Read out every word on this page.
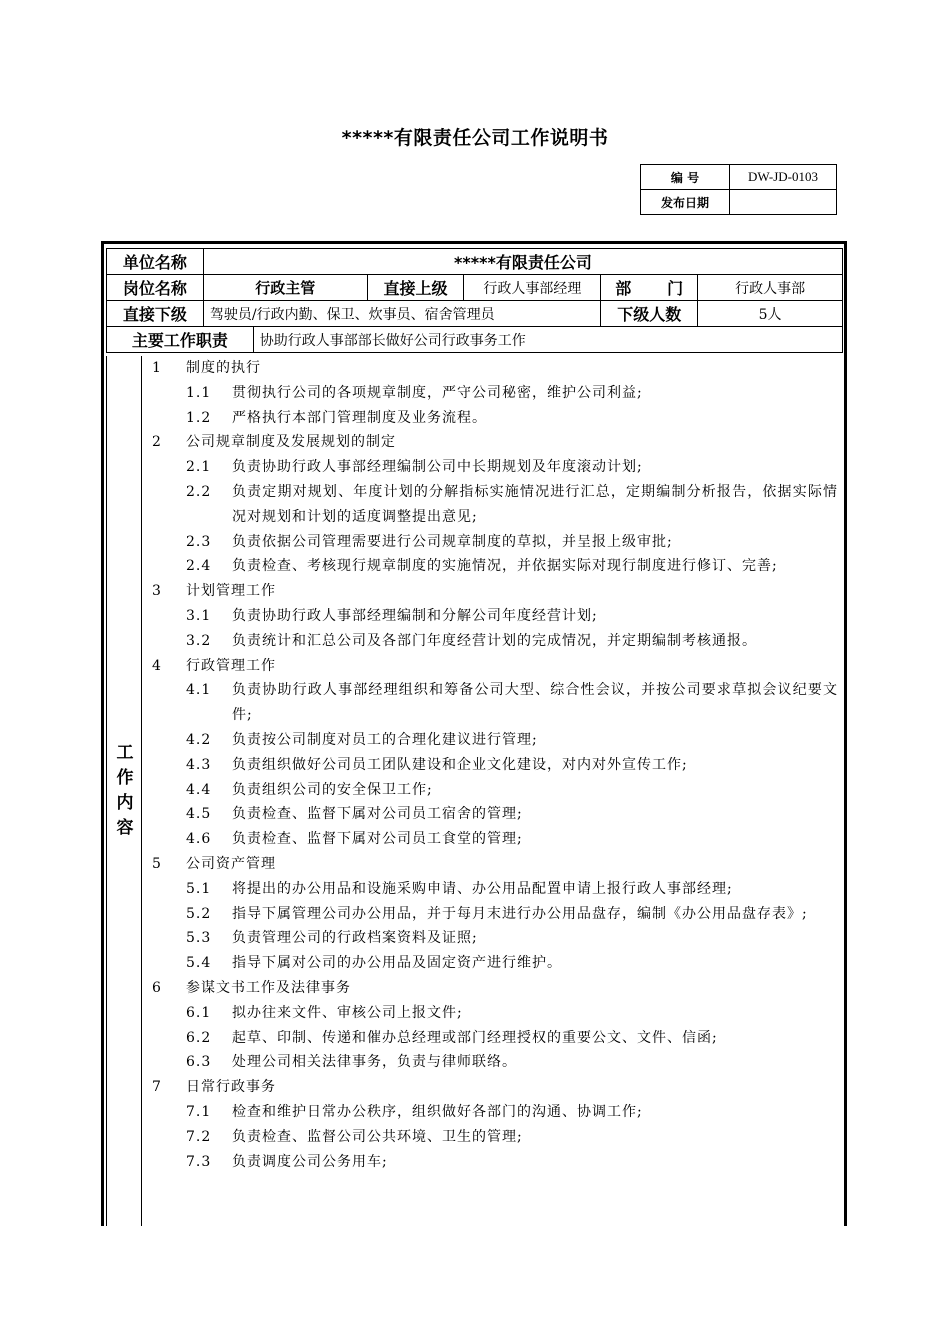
*****有限责任公司工作说明书
编 号	DW-JD-0103
发布日期	
单位名称	*****有限责任公司					
岗位名称	行政主管		直接上级	行政人事部经理	部 门	行政人事部
直接下级	驾驶员/行政内勤、保卫、炊事员、宿舍管理员				下级人数	5人
主要工作职责		协助行政人事部部长做好公司行政事务工作				
工
作
内
容
1	制度的执行
1.1	贯彻执行公司的各项规章制度，严守公司秘密，维护公司利益;
1.2	严格执行本部门管理制度及业务流程。
2	公司规章制度及发展规划的制定
2.1	负责协助行政人事部经理编制公司中长期规划及年度滚动计划;
2.2	负责定期对规划、年度计划的分解指标实施情况进行汇总，定期编制分析报告，依据实际情况对规划和计划的适度调整提出意见;
2.3	负责依据公司管理需要进行公司规章制度的草拟，并呈报上级审批;
2.4	负责检查、考核现行规章制度的实施情况，并依据实际对现行制度进行修订、完善;
3	计划管理工作
3.1	负责协助行政人事部经理编制和分解公司年度经营计划;
3.2	负责统计和汇总公司及各部门年度经营计划的完成情况，并定期编制考核通报。
4	行政管理工作
4.1	负责协助行政人事部经理组织和筹备公司大型、综合性会议，并按公司要求草拟会议纪要文件;
4.2	负责按公司制度对员工的合理化建议进行管理;
4.3	负责组织做好公司员工团队建设和企业文化建设，对内对外宣传工作;
4.4	负责组织公司的安全保卫工作;
4.5	负责检查、监督下属对公司员工宿舍的管理;
4.6	负责检查、监督下属对公司员工食堂的管理;
5	公司资产管理
5.1	将提出的办公用品和设施采购申请、办公用品配置申请上报行政人事部经理;
5.2	指导下属管理公司办公用品，并于每月末进行办公用品盘存，编制《办公用品盘存表》;
5.3	负责管理公司的行政档案资料及证照;
5.4	指导下属对公司的办公用品及固定资产进行维护。
6	参谋文书工作及法律事务
6.1	拟办往来文件、审核公司上报文件;
6.2	起草、印制、传递和催办总经理或部门经理授权的重要公文、文件、信函;
6.3	处理公司相关法律事务，负责与律师联络。
7	日常行政事务
7.1	检查和维护日常办公秩序，组织做好各部门的沟通、协调工作;
7.2	负责检查、监督公司公共环境、卫生的管理;
7.3	负责调度公司公务用车;
